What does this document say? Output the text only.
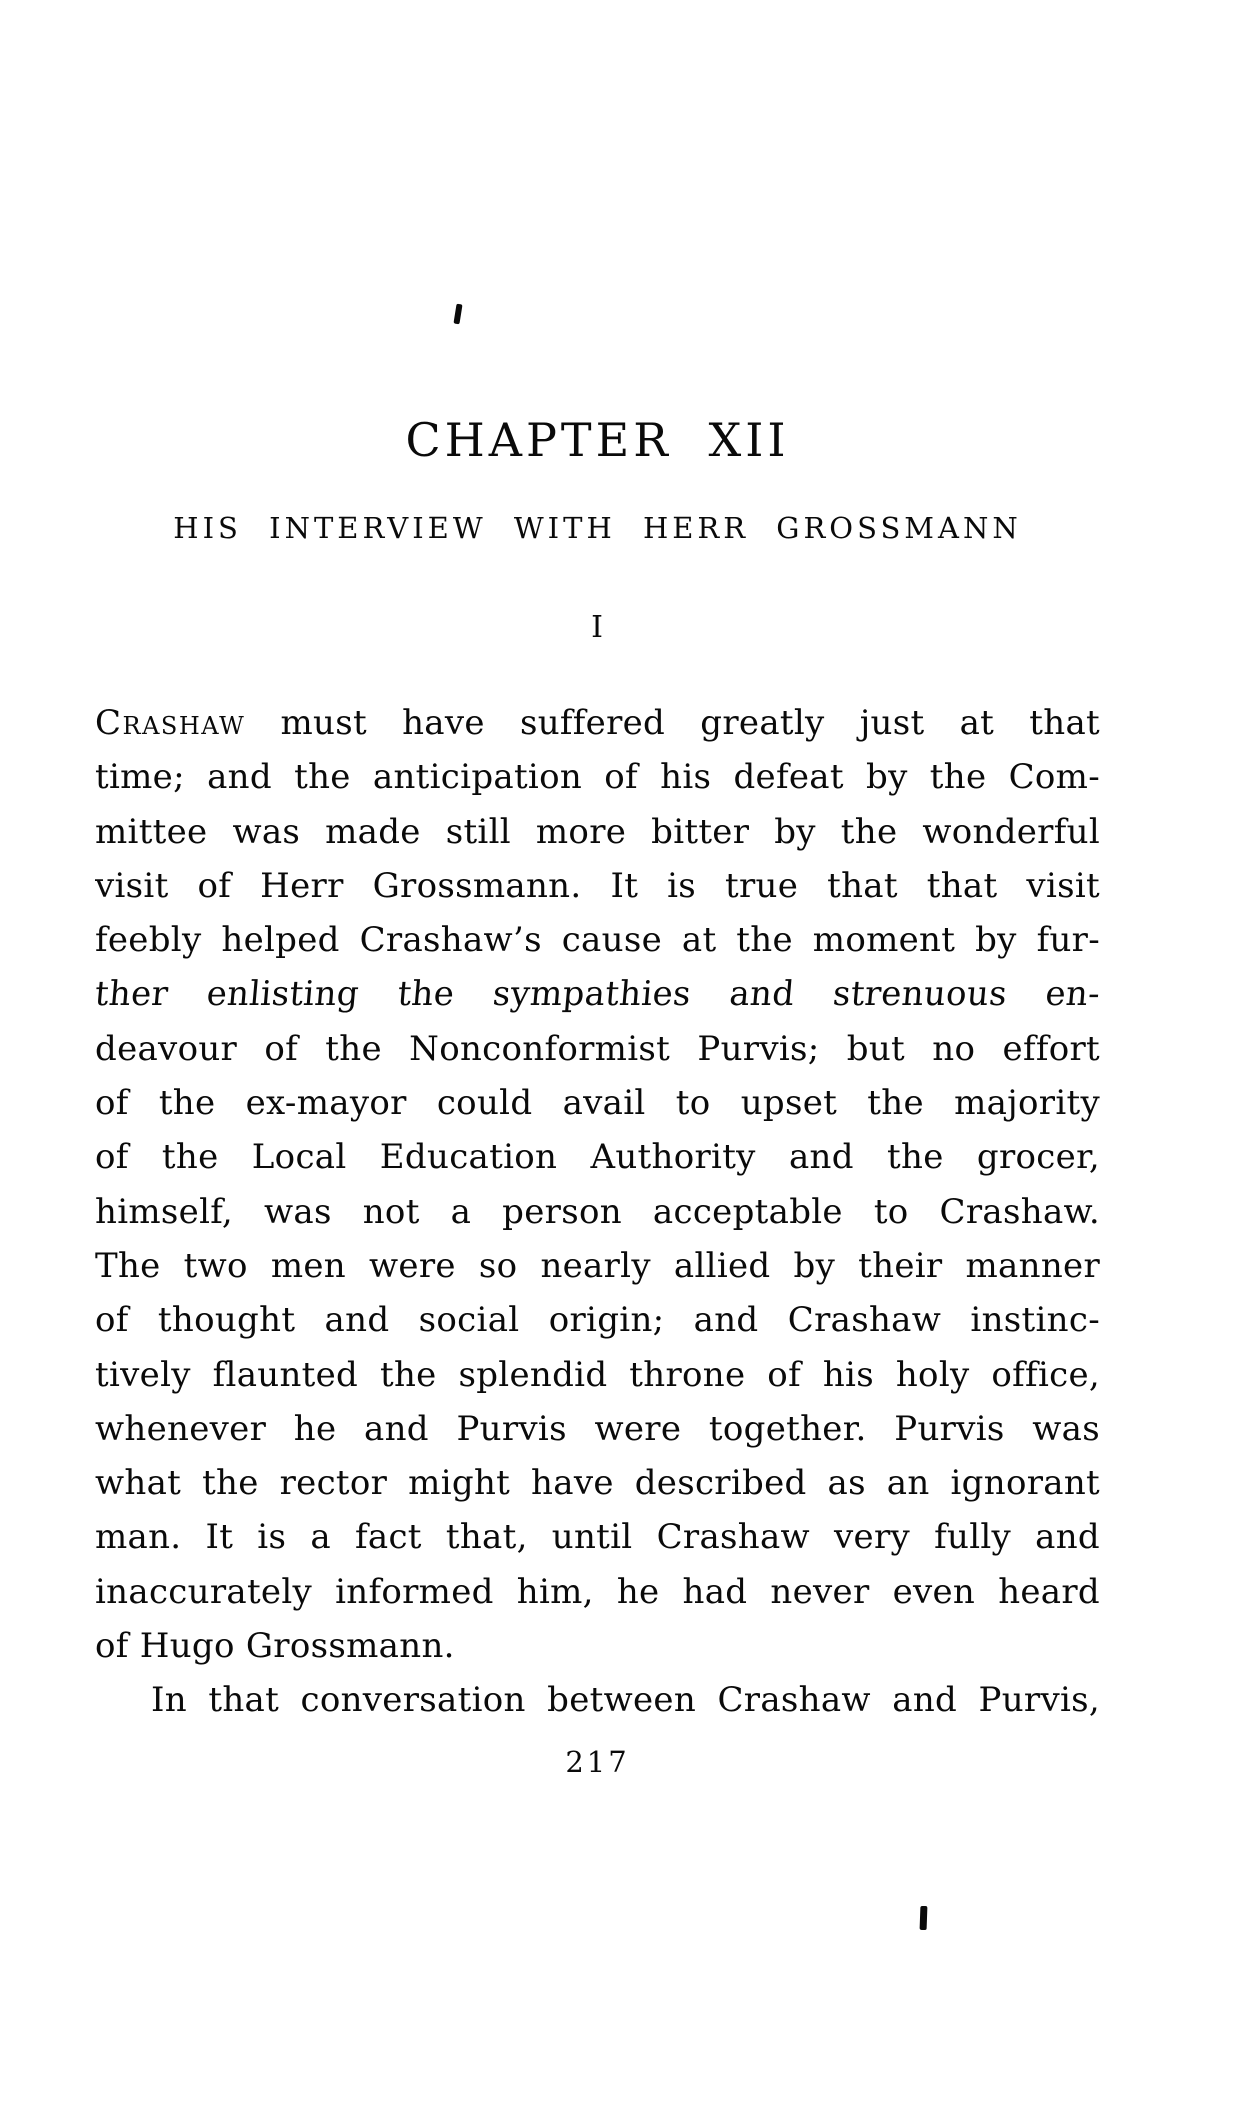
CHAPTER XII
HIS INTERVIEW WITH HERR GROSSMANN
I
Crashaw must have suffered greatly just at that
time; and the anticipation of his defeat by the Com-
mittee was made still more bitter by the wonderful
visit of Herr Grossmann. It is true that that visit
feebly helped Crashaw’s cause at the moment by fur-
ther enlisting the sympathies and strenuous en-
deavour of the Nonconformist Purvis; but no effort
of the ex-mayor could avail to upset the majority
of the Local Education Authority and the grocer,
himself, was not a person acceptable to Crashaw.
The two men were so nearly allied by their manner
of thought and social origin; and Crashaw instinc-
tively flaunted the splendid throne of his holy office,
whenever he and Purvis were together. Purvis was
what the rector might have described as an ignorant
man. It is a fact that, until Crashaw very fully and
inaccurately informed him, he had never even heard
of Hugo Grossmann.
In that conversation between Crashaw and Purvis,
217
